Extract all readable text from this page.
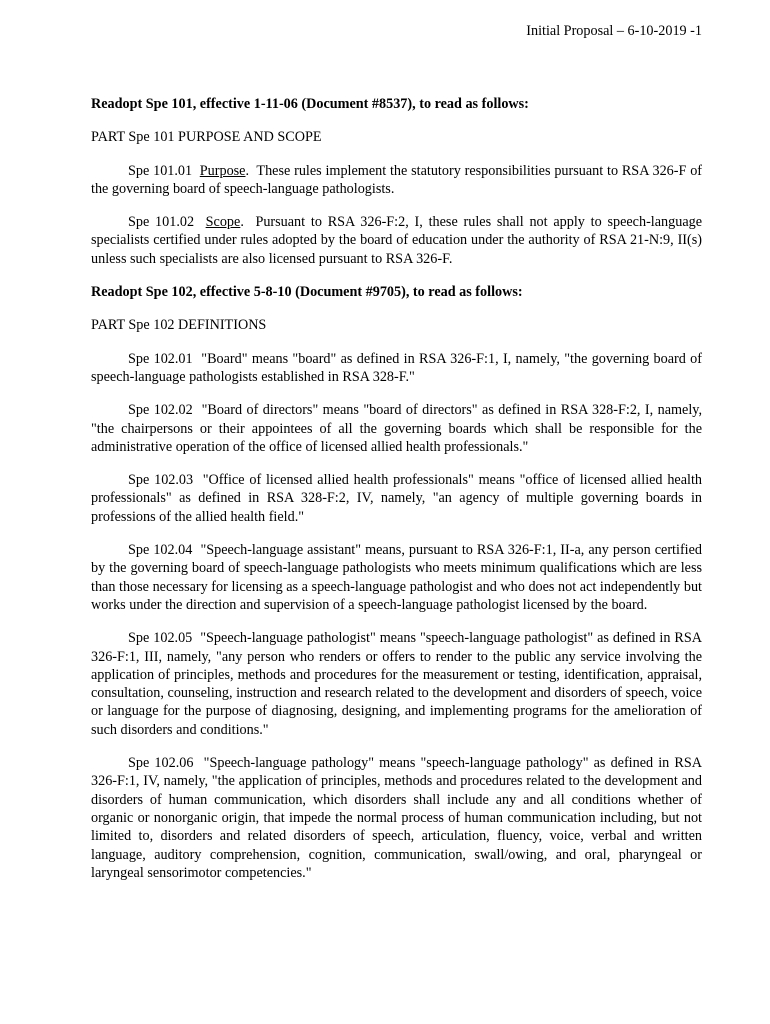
Initial Proposal – 6-10-2019 -1
Readopt Spe 101, effective 1-11-06 (Document #8537), to read as follows:
PART Spe 101 PURPOSE AND SCOPE

Spe 101.01 Purpose.  These rules implement the statutory responsibilities pursuant to RSA 326-F of the governing board of speech-language pathologists.

Spe 101.02 Scope.  Pursuant to RSA 326-F:2, I, these rules shall not apply to speech-language specialists certified under rules adopted by the board of education under the authority of RSA 21-N:9, II(s) unless such specialists are also licensed pursuant to RSA 326-F.

Readopt Spe 102, effective 5-8-10 (Document #9705), to read as follows:
PART Spe 102 DEFINITIONS

Spe 102.01 "Board" means "board" as defined in RSA 326-F:1, I, namely, "the governing board of speech-language pathologists established in RSA 328-F."

Spe 102.02 "Board of directors" means "board of directors" as defined in RSA 328-F:2, I, namely, "the chairpersons or their appointees of all the governing boards which shall be responsible for the administrative operation of the office of licensed allied health professionals."

Spe 102.03 "Office of licensed allied health professionals" means "office of licensed allied health professionals" as defined in RSA 328-F:2, IV, namely, "an agency of multiple governing boards in professions of the allied health field."

Spe 102.04 "Speech-language assistant" means, pursuant to RSA 326-F:1, II-a, any person certified by the governing board of speech-language pathologists who meets minimum qualifications which are less than those necessary for licensing as a speech-language pathologist and who does not act independently but works under the direction and supervision of a speech-language pathologist licensed by the board.

Spe 102.05 "Speech-language pathologist" means "speech-language pathologist" as defined in RSA 326-F:1, III, namely, "any person who renders or offers to render to the public any service involving the application of principles, methods and procedures for the measurement or testing, identification, appraisal, consultation, counseling, instruction and research related to the development and disorders of speech, voice or language for the purpose of diagnosing, designing, and implementing programs for the amelioration of such disorders and conditions."

Spe 102.06 "Speech-language pathology" means "speech-language pathology" as defined in RSA 326-F:1, IV, namely, "the application of principles, methods and procedures related to the development and disorders of human communication, which disorders shall include any and all conditions whether of organic or nonorganic origin, that impede the normal process of human communication including, but not limited to, disorders and related disorders of speech, articulation, fluency, voice, verbal and written language, auditory comprehension, cognition, communication, swall/owing, and oral, pharyngeal or laryngeal sensorimotor competencies."
